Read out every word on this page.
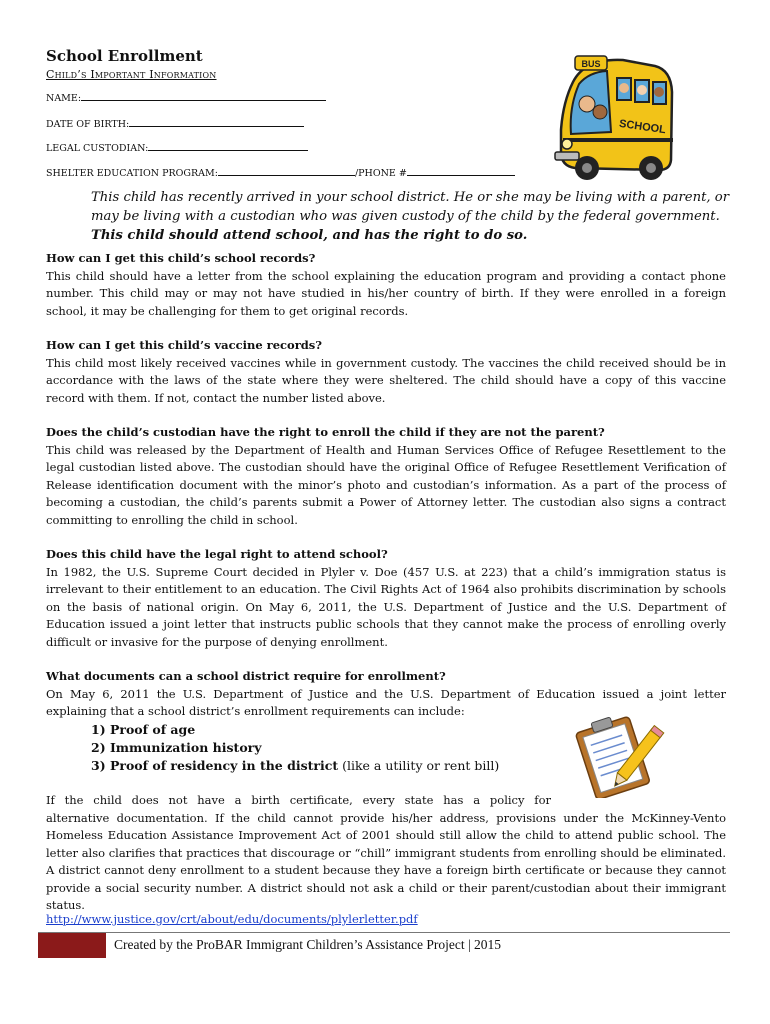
School Enrollment
Child’s Important Information
NAME:
DATE OF BIRTH:
LEGAL CUSTODIAN:
SHELTER EDUCATION PROGRAM:	/PHONE #
BUS
SCHOOL
This child has recently arrived in your school district. He or she may be living with a parent, or may be living with a custodian who was given custody of the child by the federal government. This child should attend school, and has the right to do so.
How can I get this child’s school records?
This child should have a letter from the school explaining the education program and providing a contact phone number. This child may or may not have studied in his/her country of birth. If they were enrolled in a foreign school, it may be challenging for them to get original records.
How can I get this child’s vaccine records?
This child most likely received vaccines while in government custody. The vaccines the child received should be in accordance with the laws of the state where they were sheltered. The child should have a copy of this vaccine record with them. If not, contact the number listed above.
Does the child’s custodian have the right to enroll the child if they are not the parent?
This child was released by the Department of Health and Human Services Office of Refugee Resettlement to the legal custodian listed above. The custodian should have the original Office of Refugee Resettlement Verification of Release identification document with the minor’s photo and custodian’s information. As a part of the process of becoming a custodian, the child’s parents submit a Power of Attorney letter. The custodian also signs a contract committing to enrolling the child in school.
Does this child have the legal right to attend school?
In 1982, the U.S. Supreme Court decided in Plyler v. Doe (457 U.S. at 223) that a child’s immigration status is irrelevant to their entitlement to an education. The Civil Rights Act of 1964 also prohibits discrimination by schools on the basis of national origin. On May 6, 2011, the U.S. Department of Justice and the U.S. Department of Education issued a joint letter that instructs public schools that they cannot make the process of enrolling overly difficult or invasive for the purpose of denying enrollment.
What documents can a school district require for enrollment?
On May 6, 2011 the U.S. Department of Justice and the U.S. Department of Education issued a joint letter explaining that a school district’s enrollment requirements can include:
1) Proof of age
2) Immunization history
3) Proof of residency in the district (like a utility or rent bill)
If the child does not have a birth certificate, every state has a policy for
alternative documentation. If the child cannot provide his/her address, provisions under the McKinney-Vento Homeless Education Assistance Improvement Act of 2001 should still allow the child to attend public school. The letter also clarifies that practices that discourage or “chill” immigrant students from enrolling should be eliminated. A district cannot deny enrollment to a student because they have a foreign birth certificate or because they cannot provide a social security number. A district should not ask a child or their parent/custodian about their immigrant status.
http://www.justice.gov/crt/about/edu/documents/plylerletter.pdf
Created by the ProBAR Immigrant Children’s Assistance Project | 2015
